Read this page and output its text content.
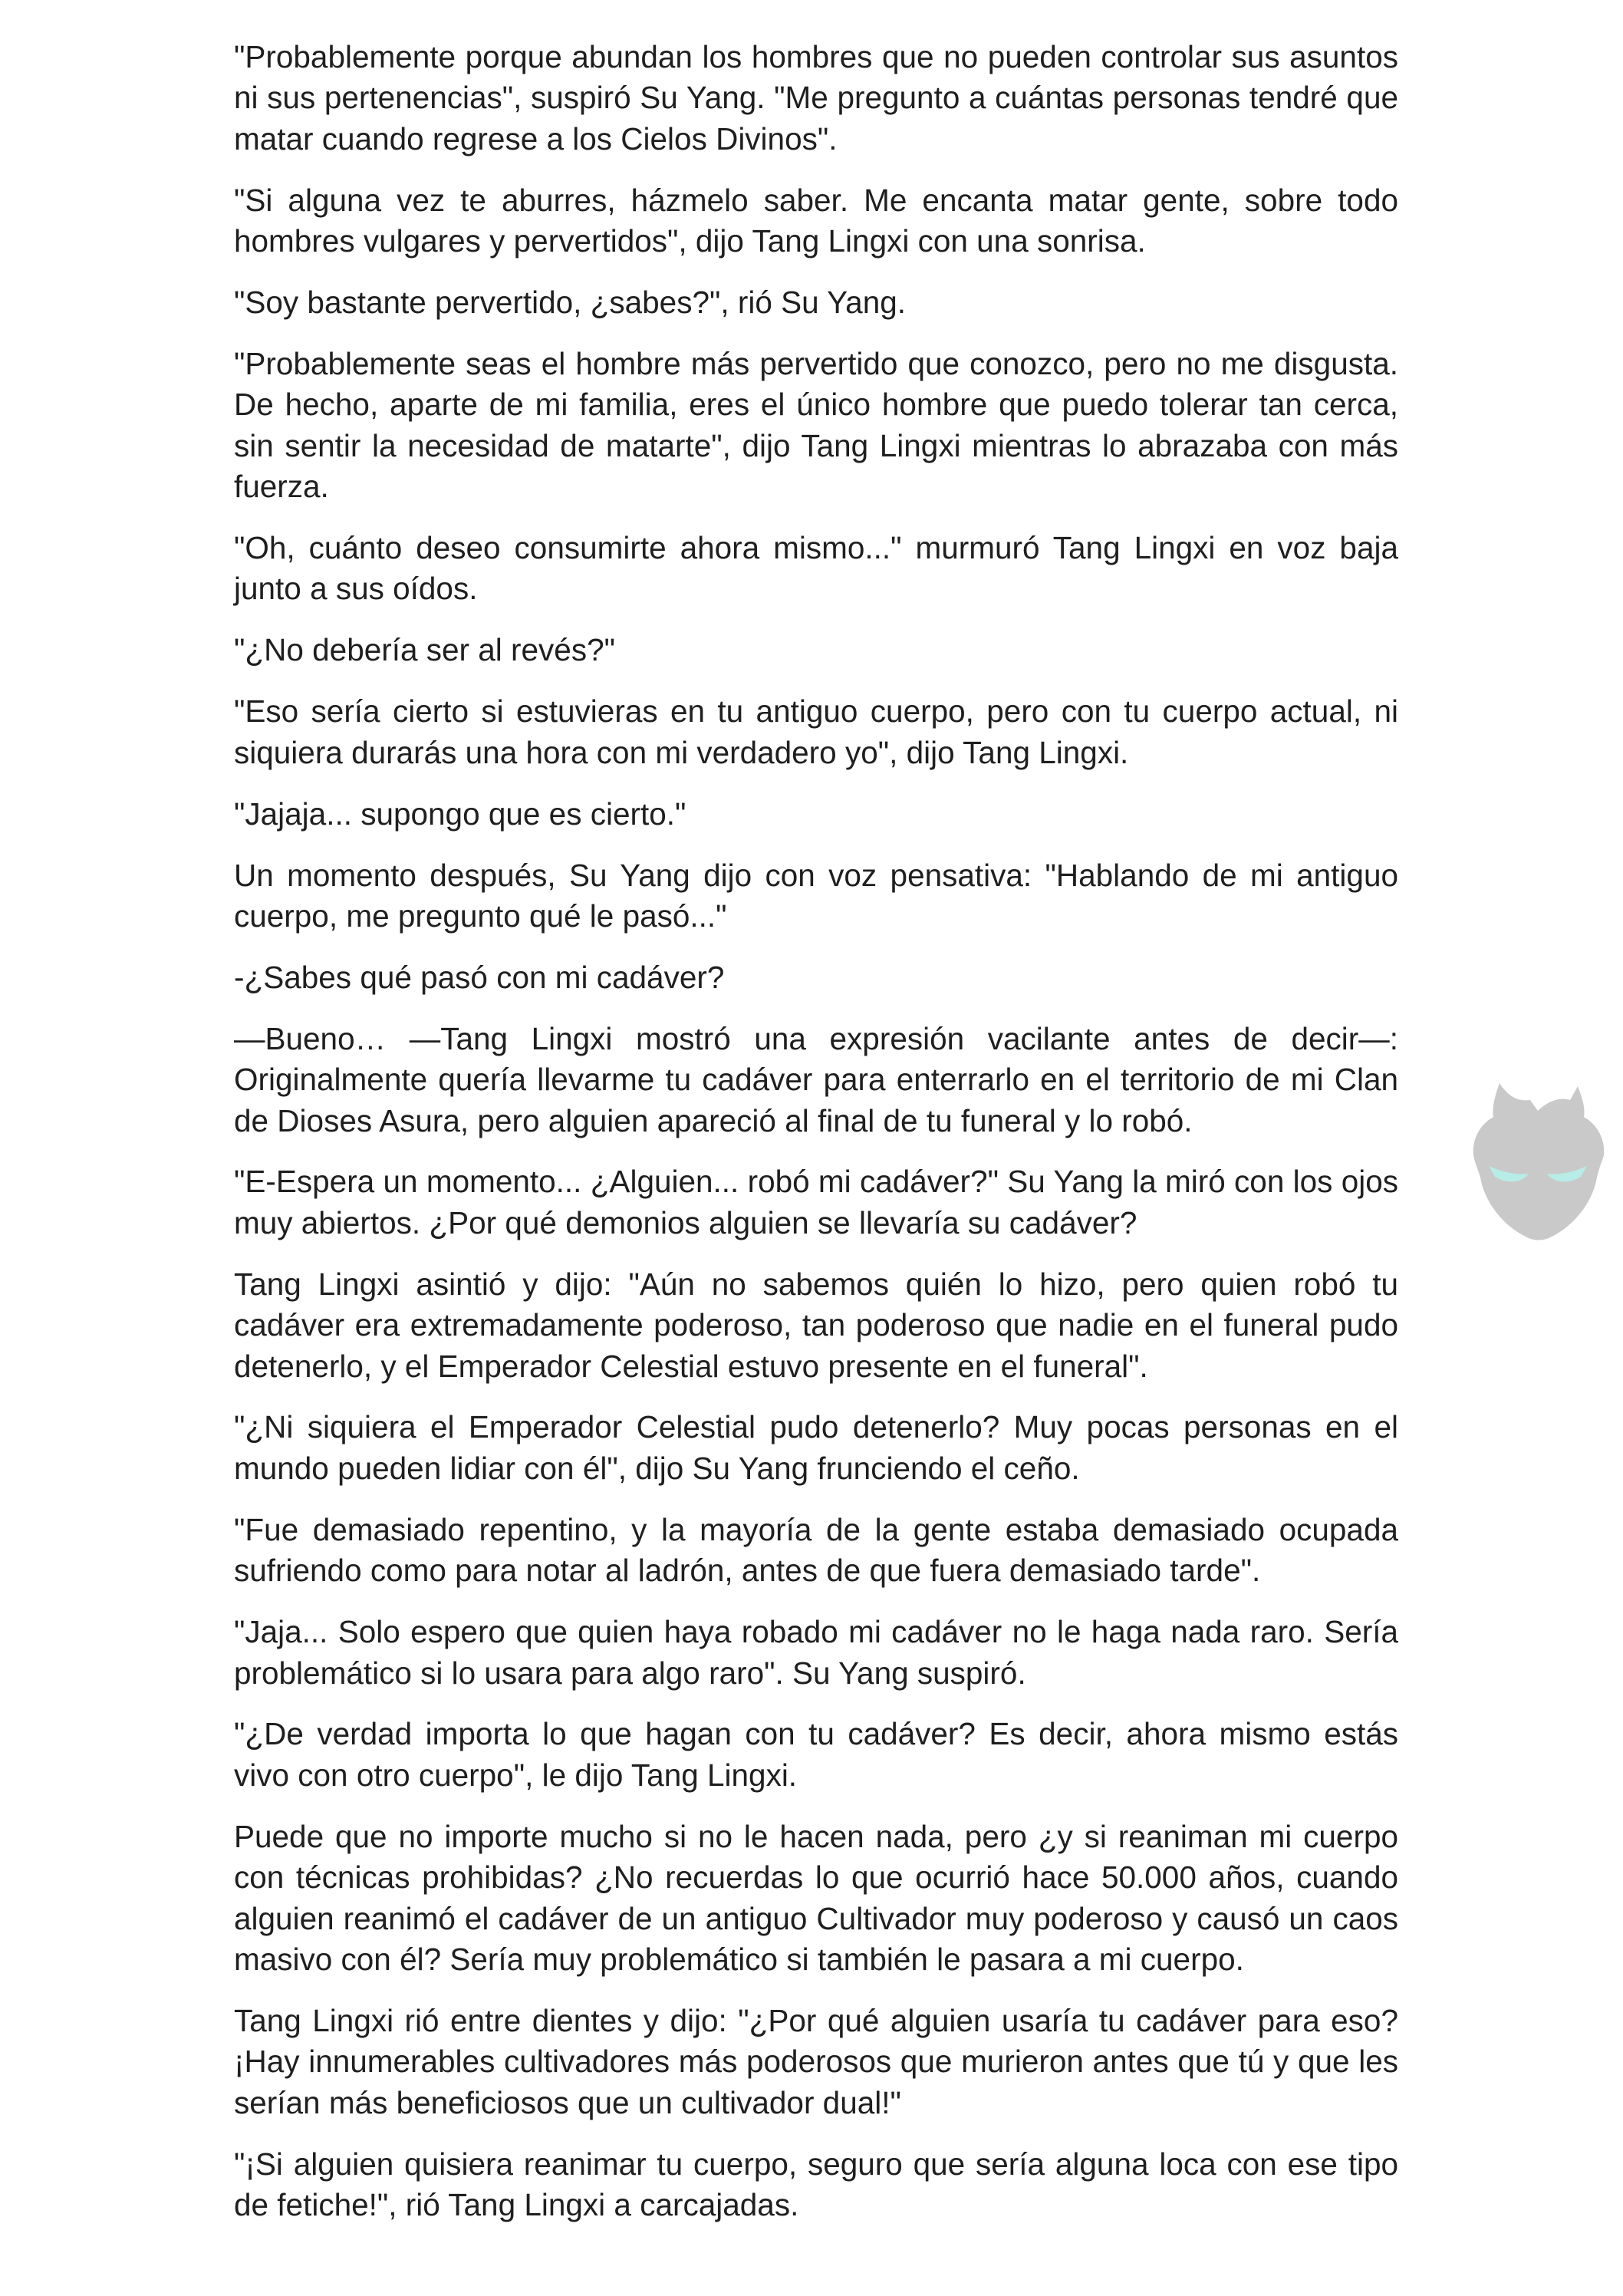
"Probablemente porque abundan los hombres que no pueden controlar sus asuntos ni sus pertenencias", suspiró Su Yang. "Me pregunto a cuántas personas tendré que matar cuando regrese a los Cielos Divinos".

"Si alguna vez te aburres, házmelo saber. Me encanta matar gente, sobre todo hombres vulgares y pervertidos", dijo Tang Lingxi con una sonrisa.

"Soy bastante pervertido, ¿sabes?", rió Su Yang.

"Probablemente seas el hombre más pervertido que conozco, pero no me disgusta. De hecho, aparte de mi familia, eres el único hombre que puedo tolerar tan cerca, sin sentir la necesidad de matarte", dijo Tang Lingxi mientras lo abrazaba con más fuerza.

"Oh, cuánto deseo consumirte ahora mismo..." murmuró Tang Lingxi en voz baja junto a sus oídos.

"¿No debería ser al revés?"

"Eso sería cierto si estuvieras en tu antiguo cuerpo, pero con tu cuerpo actual, ni siquiera durarás una hora con mi verdadero yo", dijo Tang Lingxi.

"Jajaja... supongo que es cierto."

Un momento después, Su Yang dijo con voz pensativa: "Hablando de mi antiguo cuerpo, me pregunto qué le pasó..."

-¿Sabes qué pasó con mi cadáver?

—Bueno… —Tang Lingxi mostró una expresión vacilante antes de decir—: Originalmente quería llevarme tu cadáver para enterrarlo en el territorio de mi Clan de Dioses Asura, pero alguien apareció al final de tu funeral y lo robó.

"E-Espera un momento... ¿Alguien... robó mi cadáver?" Su Yang la miró con los ojos muy abiertos. ¿Por qué demonios alguien se llevaría su cadáver?

Tang Lingxi asintió y dijo: "Aún no sabemos quién lo hizo, pero quien robó tu cadáver era extremadamente poderoso, tan poderoso que nadie en el funeral pudo detenerlo, y el Emperador Celestial estuvo presente en el funeral".

"¿Ni siquiera el Emperador Celestial pudo detenerlo? Muy pocas personas en el mundo pueden lidiar con él", dijo Su Yang frunciendo el ceño.

"Fue demasiado repentino, y la mayoría de la gente estaba demasiado ocupada sufriendo como para notar al ladrón, antes de que fuera demasiado tarde".

"Jaja... Solo espero que quien haya robado mi cadáver no le haga nada raro. Sería problemático si lo usara para algo raro". Su Yang suspiró.

"¿De verdad importa lo que hagan con tu cadáver? Es decir, ahora mismo estás vivo con otro cuerpo", le dijo Tang Lingxi.

Puede que no importe mucho si no le hacen nada, pero ¿y si reaniman mi cuerpo con técnicas prohibidas? ¿No recuerdas lo que ocurrió hace 50.000 años, cuando alguien reanimó el cadáver de un antiguo Cultivador muy poderoso y causó un caos masivo con él? Sería muy problemático si también le pasara a mi cuerpo.

Tang Lingxi rió entre dientes y dijo: "¿Por qué alguien usaría tu cadáver para eso? ¡Hay innumerables cultivadores más poderosos que murieron antes que tú y que les serían más beneficiosos que un cultivador dual!"

"¡Si alguien quisiera reanimar tu cuerpo, seguro que sería alguna loca con ese tipo de fetiche!", rió Tang Lingxi a carcajadas.
